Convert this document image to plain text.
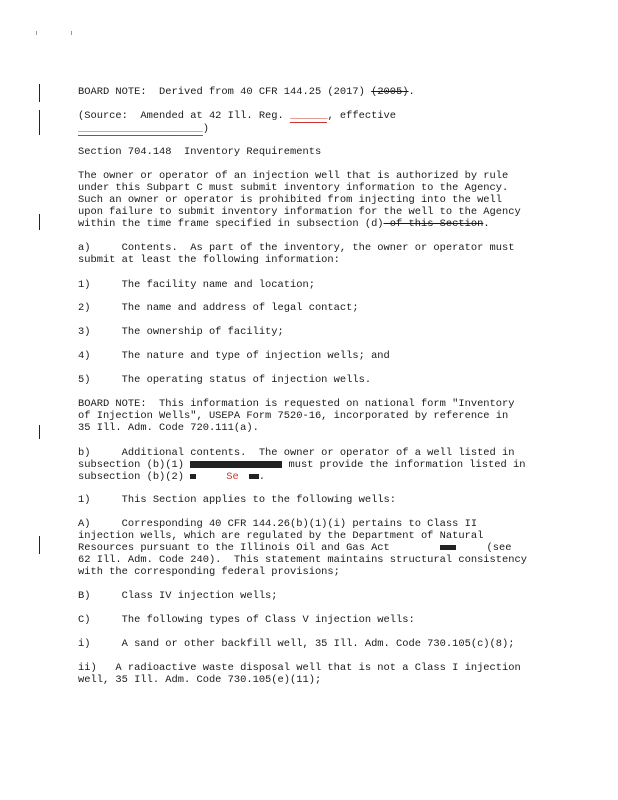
BOARD NOTE:  Derived from 40 CFR 144.25 (2017) (2005).
(Source:  Amended at 42 Ill. Reg. ______, effective
____________________)
Section 704.148  Inventory Requirements
The owner or operator of an injection well that is authorized by rule
under this Subpart C must submit inventory information to the Agency.
Such an owner or operator is prohibited from injecting into the well
upon failure to submit inventory information for the well to the Agency
within the time frame specified in subsection (d) of this Section.
a)     Contents.  As part of the inventory, the owner or operator must
submit at least the following information:
1)     The facility name and location;
2)     The name and address of legal contact;
3)     The ownership of facility;
4)     The nature and type of injection wells; and
5)     The operating status of injection wells.
BOARD NOTE:  This information is requested on national form "Inventory
of Injection Wells", USEPA Form 7520-16, incorporated by reference in
35 Ill. Adm. Code 720.111(a).
b)     Additional contents.  The owner or operator of a well listed in
subsection (b)(1)	must provide the information listed in
subsection (b)(2)	Se .
1)     This Section applies to the following wells:
A)     Corresponding 40 CFR 144.26(b)(1)(i) pertains to Class II
injection wells, which are regulated by the Department of Natural
Resources pursuant to the Illinois Oil and Gas Act	(see
62 Ill. Adm. Code 240).  This statement maintains structural consistency
with the corresponding federal provisions;
B)     Class IV injection wells;
C)     The following types of Class V injection wells:
i)     A sand or other backfill well, 35 Ill. Adm. Code 730.105(c)(8);
ii)   A radioactive waste disposal well that is not a Class I injection
well, 35 Ill. Adm. Code 730.105(e)(11);
